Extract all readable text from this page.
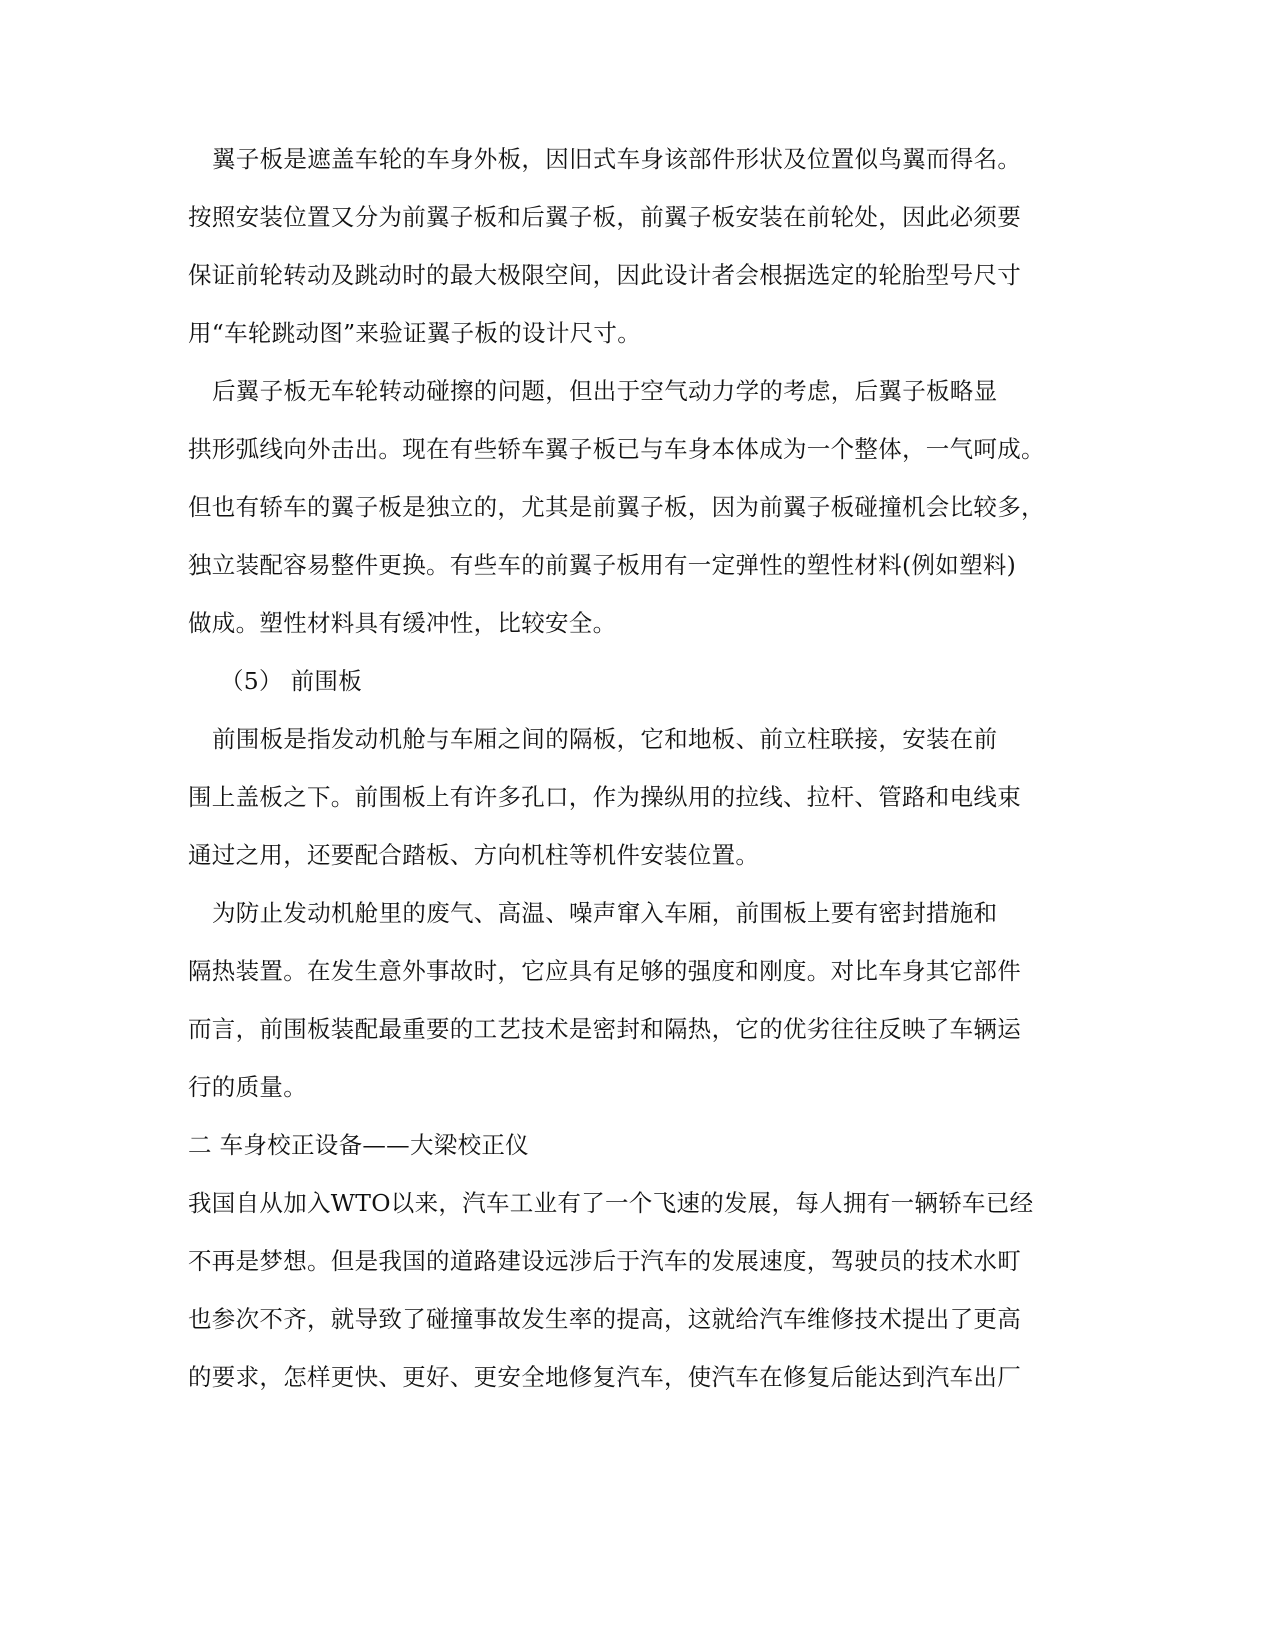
翼子板是遮盖车轮的车身外板，因旧式车身该部件形状及位置似鸟翼而得名。
按照安装位置又分为前翼子板和后翼子板，前翼子板安装在前轮处，因此必须要
保证前轮转动及跳动时的最大极限空间，因此设计者会根据选定的轮胎型号尺寸
用“车轮跳动图”来验证翼子板的设计尺寸。
后翼子板无车轮转动碰擦的问题，但出于空气动力学的考虑，后翼子板略显
拱形弧线向外击出。现在有些轿车翼子板已与车身本体成为一个整体，一气呵成。
但也有轿车的翼子板是独立的，尤其是前翼子板，因为前翼子板碰撞机会比较多，
独立装配容易整件更换。有些车的前翼子板用有一定弹性的塑性材料(例如塑料)
做成。塑性材料具有缓冲性，比较安全。
（5） 前围板
前围板是指发动机舱与车厢之间的隔板，它和地板、前立柱联接，安装在前
围上盖板之下。前围板上有许多孔口，作为操纵用的拉线、拉杆、管路和电线束
通过之用，还要配合踏板、方向机柱等机件安装位置。
为防止发动机舱里的废气、高温、噪声窜入车厢，前围板上要有密封措施和
隔热装置。在发生意外事故时，它应具有足够的强度和刚度。对比车身其它部件
而言，前围板装配最重要的工艺技术是密封和隔热，它的优劣往往反映了车辆运
行的质量。
二 车身校正设备——大梁校正仪
我国自从加入WTO以来，汽车工业有了一个飞速的发展，每人拥有一辆轿车已经
不再是梦想。但是我国的道路建设远涉后于汽车的发展速度，驾驶员的技术水町
也参次不齐，就导致了碰撞事故发生率的提高，这就给汽车维修技术提出了更高
的要求，怎样更快、更好、更安全地修复汽车，使汽车在修复后能达到汽车出厂
